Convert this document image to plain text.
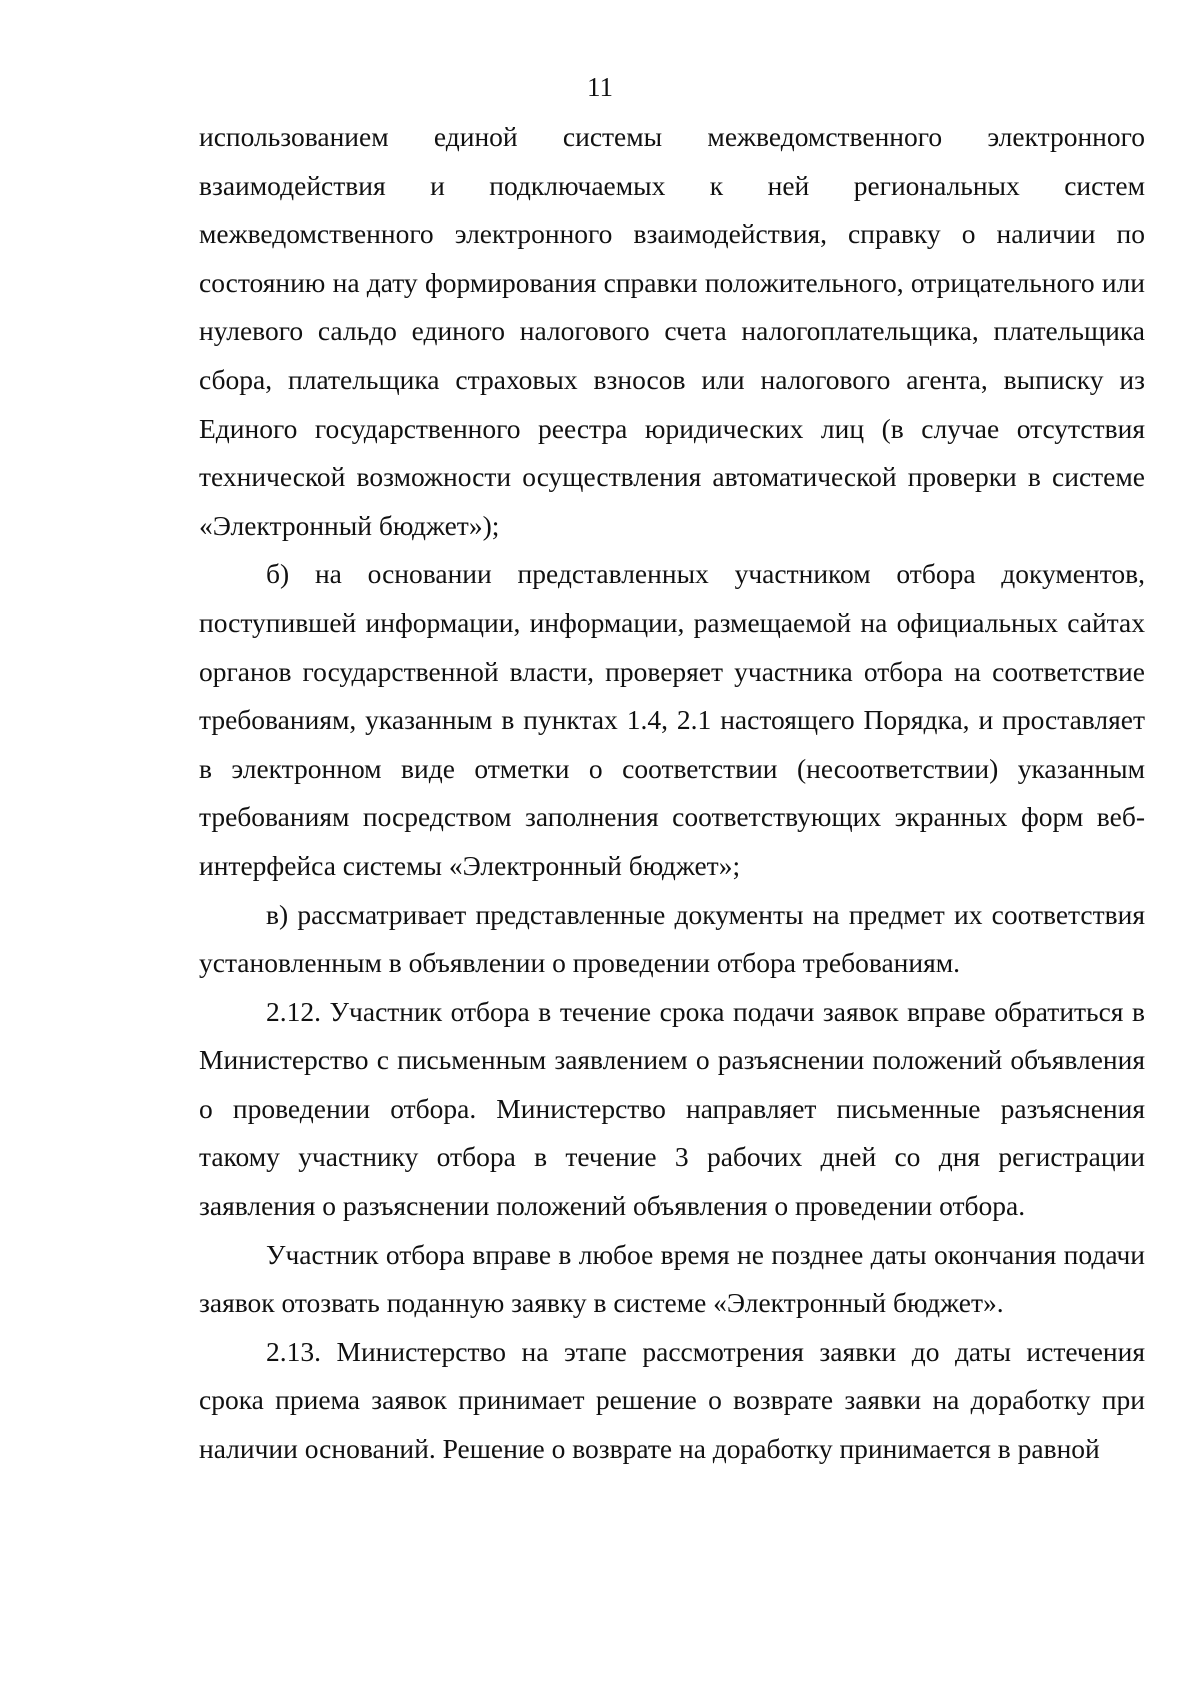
11

использованием единой системы межведомственного электронного взаимодействия и подключаемых к ней региональных систем межведомственного электронного взаимодействия, справку о наличии по состоянию на дату формирования справки положительного, отрицательного или нулевого сальдо единого налогового счета налогоплательщика, плательщика сбора, плательщика страховых взносов или налогового агента, выписку из Единого государственного реестра юридических лиц (в случае отсутствия технической возможности осуществления автоматической проверки в системе «Электронный бюджет»);

б) на основании представленных участником отбора документов, поступившей информации, информации, размещаемой на официальных сайтах органов государственной власти, проверяет участника отбора на соответствие требованиям, указанным в пунктах 1.4, 2.1 настоящего Порядка, и проставляет в электронном виде отметки о соответствии (несоответствии) указанным требованиям посредством заполнения соответствующих экранных форм веб-интерфейса системы «Электронный бюджет»;

в) рассматривает представленные документы на предмет их соответствия установленным в объявлении о проведении отбора требованиям.

2.12. Участник отбора в течение срока подачи заявок вправе обратиться в Министерство с письменным заявлением о разъяснении положений объявления о проведении отбора. Министерство направляет письменные разъяснения такому участнику отбора в течение 3 рабочих дней со дня регистрации заявления о разъяснении положений объявления о проведении отбора.

Участник отбора вправе в любое время не позднее даты окончания подачи заявок отозвать поданную заявку в системе «Электронный бюджет».

2.13. Министерство на этапе рассмотрения заявки до даты истечения срока приема заявок принимает решение о возврате заявки на доработку при наличии оснований. Решение о возврате на доработку принимается в равной
